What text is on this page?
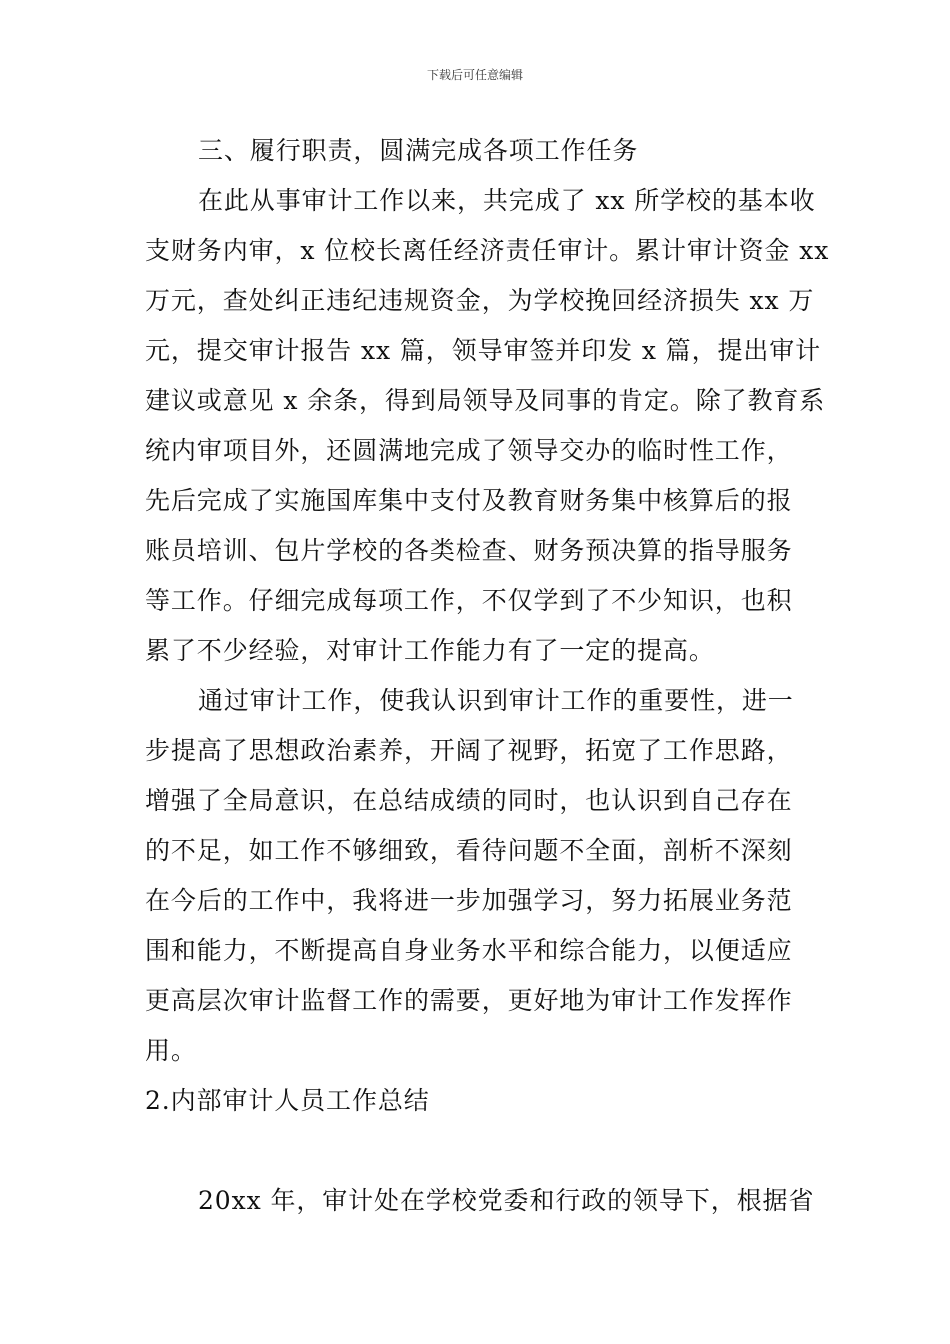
下载后可任意编辑
三、履行职责，圆满完成各项工作任务
在此从事审计工作以来，共完成了 xx 所学校的基本收
支财务内审，x 位校长离任经济责任审计。累计审计资金 xx
万元，查处纠正违纪违规资金，为学校挽回经济损失 xx 万
元，提交审计报告 xx 篇，领导审签并印发 x 篇，提出审计
建议或意见 x 余条，得到局领导及同事的肯定。除了教育系
统内审项目外，还圆满地完成了领导交办的临时性工作，
先后完成了实施国库集中支付及教育财务集中核算后的报
账员培训、包片学校的各类检查、财务预决算的指导服务
等工作。仔细完成每项工作，不仅学到了不少知识，也积
累了不少经验，对审计工作能力有了一定的提高。
通过审计工作，使我认识到审计工作的重要性，进一
步提高了思想政治素养，开阔了视野，拓宽了工作思路，
增强了全局意识，在总结成绩的同时，也认识到自己存在
的不足，如工作不够细致，看待问题不全面，剖析不深刻
在今后的工作中，我将进一步加强学习，努力拓展业务范
围和能力，不断提高自身业务水平和综合能力，以便适应
更高层次审计监督工作的需要，更好地为审计工作发挥作
用。
2.内部审计人员工作总结
20xx 年，审计处在学校党委和行政的领导下，根据省
